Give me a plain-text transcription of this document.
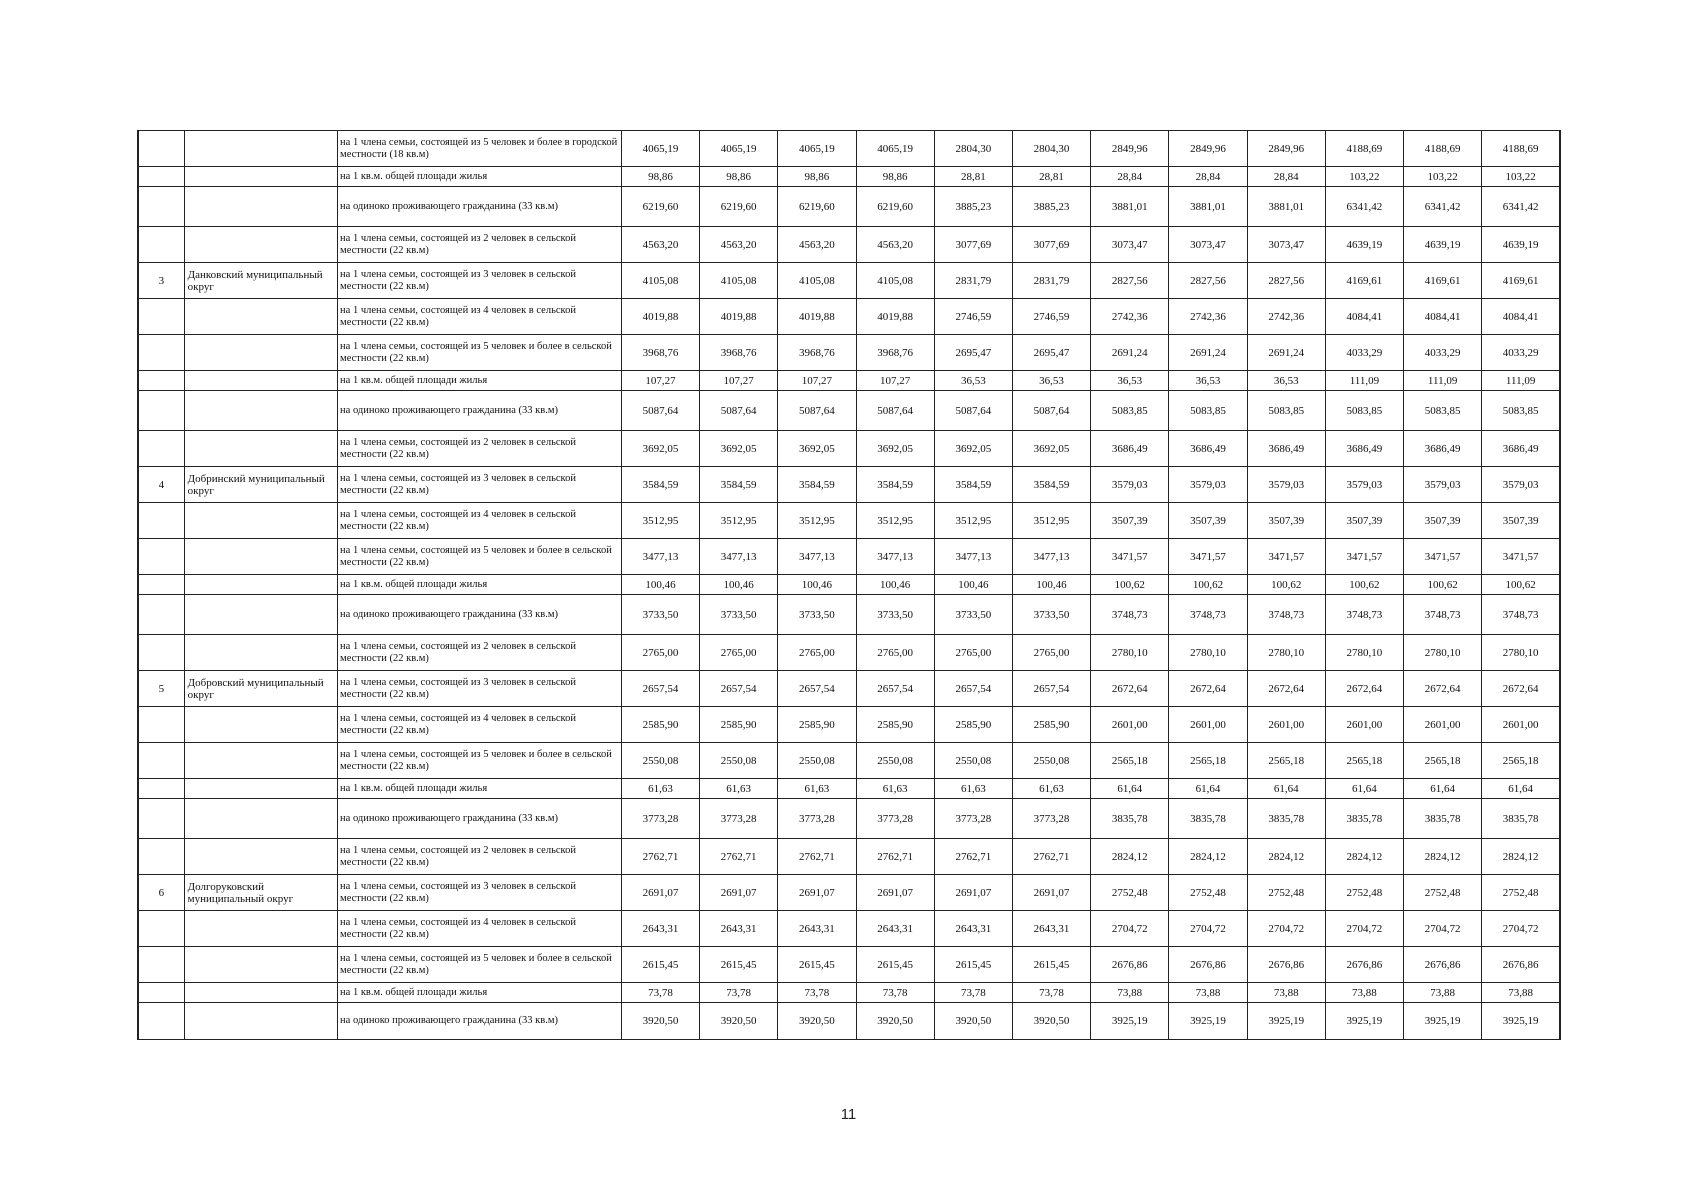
		на 1 члена семьи, состоящей из 5 человек и более в городской местности (18 кв.м)	4065,19	4065,19	4065,19	4065,19	2804,30	2804,30	2849,96	2849,96	2849,96	4188,69	4188,69	4188,69
		на 1 кв.м. общей площади жилья	98,86	98,86	98,86	98,86	28,81	28,81	28,84	28,84	28,84	103,22	103,22	103,22
		на одиноко проживающего гражданина (33 кв.м)	6219,60	6219,60	6219,60	6219,60	3885,23	3885,23	3881,01	3881,01	3881,01	6341,42	6341,42	6341,42
		на 1 члена семьи, состоящей из 2 человек в сельской местности (22 кв.м)	4563,20	4563,20	4563,20	4563,20	3077,69	3077,69	3073,47	3073,47	3073,47	4639,19	4639,19	4639,19
3	Данковский муниципальный округ	на 1 члена семьи, состоящей из 3 человек в сельской местности (22 кв.м)	4105,08	4105,08	4105,08	4105,08	2831,79	2831,79	2827,56	2827,56	2827,56	4169,61	4169,61	4169,61
		на 1 члена семьи, состоящей из 4 человек в сельской местности (22 кв.м)	4019,88	4019,88	4019,88	4019,88	2746,59	2746,59	2742,36	2742,36	2742,36	4084,41	4084,41	4084,41
		на 1 члена семьи, состоящей из 5 человек и более в сельской местности (22 кв.м)	3968,76	3968,76	3968,76	3968,76	2695,47	2695,47	2691,24	2691,24	2691,24	4033,29	4033,29	4033,29
		на 1 кв.м. общей площади жилья	107,27	107,27	107,27	107,27	36,53	36,53	36,53	36,53	36,53	111,09	111,09	111,09
		на одиноко проживающего гражданина (33 кв.м)	5087,64	5087,64	5087,64	5087,64	5087,64	5087,64	5083,85	5083,85	5083,85	5083,85	5083,85	5083,85
		на 1 члена семьи, состоящей из 2 человек в сельской местности (22 кв.м)	3692,05	3692,05	3692,05	3692,05	3692,05	3692,05	3686,49	3686,49	3686,49	3686,49	3686,49	3686,49
4	Добринский муниципальный округ	на 1 члена семьи, состоящей из 3 человек в сельской местности (22 кв.м)	3584,59	3584,59	3584,59	3584,59	3584,59	3584,59	3579,03	3579,03	3579,03	3579,03	3579,03	3579,03
		на 1 члена семьи, состоящей из 4 человек в сельской местности (22 кв.м)	3512,95	3512,95	3512,95	3512,95	3512,95	3512,95	3507,39	3507,39	3507,39	3507,39	3507,39	3507,39
		на 1 члена семьи, состоящей из 5 человек и более в сельской местности (22 кв.м)	3477,13	3477,13	3477,13	3477,13	3477,13	3477,13	3471,57	3471,57	3471,57	3471,57	3471,57	3471,57
		на 1 кв.м. общей площади жилья	100,46	100,46	100,46	100,46	100,46	100,46	100,62	100,62	100,62	100,62	100,62	100,62
		на одиноко проживающего гражданина (33 кв.м)	3733,50	3733,50	3733,50	3733,50	3733,50	3733,50	3748,73	3748,73	3748,73	3748,73	3748,73	3748,73
		на 1 члена семьи, состоящей из 2 человек в сельской местности (22 кв.м)	2765,00	2765,00	2765,00	2765,00	2765,00	2765,00	2780,10	2780,10	2780,10	2780,10	2780,10	2780,10
5	Добровский муниципальный округ	на 1 члена семьи, состоящей из 3 человек в сельской местности (22 кв.м)	2657,54	2657,54	2657,54	2657,54	2657,54	2657,54	2672,64	2672,64	2672,64	2672,64	2672,64	2672,64
		на 1 члена семьи, состоящей из 4 человек в сельской местности (22 кв.м)	2585,90	2585,90	2585,90	2585,90	2585,90	2585,90	2601,00	2601,00	2601,00	2601,00	2601,00	2601,00
		на 1 члена семьи, состоящей из 5 человек и более в сельской местности (22 кв.м)	2550,08	2550,08	2550,08	2550,08	2550,08	2550,08	2565,18	2565,18	2565,18	2565,18	2565,18	2565,18
		на 1 кв.м. общей площади жилья	61,63	61,63	61,63	61,63	61,63	61,63	61,64	61,64	61,64	61,64	61,64	61,64
		на одиноко проживающего гражданина (33 кв.м)	3773,28	3773,28	3773,28	3773,28	3773,28	3773,28	3835,78	3835,78	3835,78	3835,78	3835,78	3835,78
		на 1 члена семьи, состоящей из 2 человек в сельской местности (22 кв.м)	2762,71	2762,71	2762,71	2762,71	2762,71	2762,71	2824,12	2824,12	2824,12	2824,12	2824,12	2824,12
6	Долгоруковский муниципальный округ	на 1 члена семьи, состоящей из 3 человек в сельской местности (22 кв.м)	2691,07	2691,07	2691,07	2691,07	2691,07	2691,07	2752,48	2752,48	2752,48	2752,48	2752,48	2752,48
		на 1 члена семьи, состоящей из 4 человек в сельской местности (22 кв.м)	2643,31	2643,31	2643,31	2643,31	2643,31	2643,31	2704,72	2704,72	2704,72	2704,72	2704,72	2704,72
		на 1 члена семьи, состоящей из 5 человек и более в сельской местности (22 кв.м)	2615,45	2615,45	2615,45	2615,45	2615,45	2615,45	2676,86	2676,86	2676,86	2676,86	2676,86	2676,86
		на 1 кв.м. общей площади жилья	73,78	73,78	73,78	73,78	73,78	73,78	73,88	73,88	73,88	73,88	73,88	73,88
		на одиноко проживающего гражданина (33 кв.м)	3920,50	3920,50	3920,50	3920,50	3920,50	3920,50	3925,19	3925,19	3925,19	3925,19	3925,19	3925,19
11
